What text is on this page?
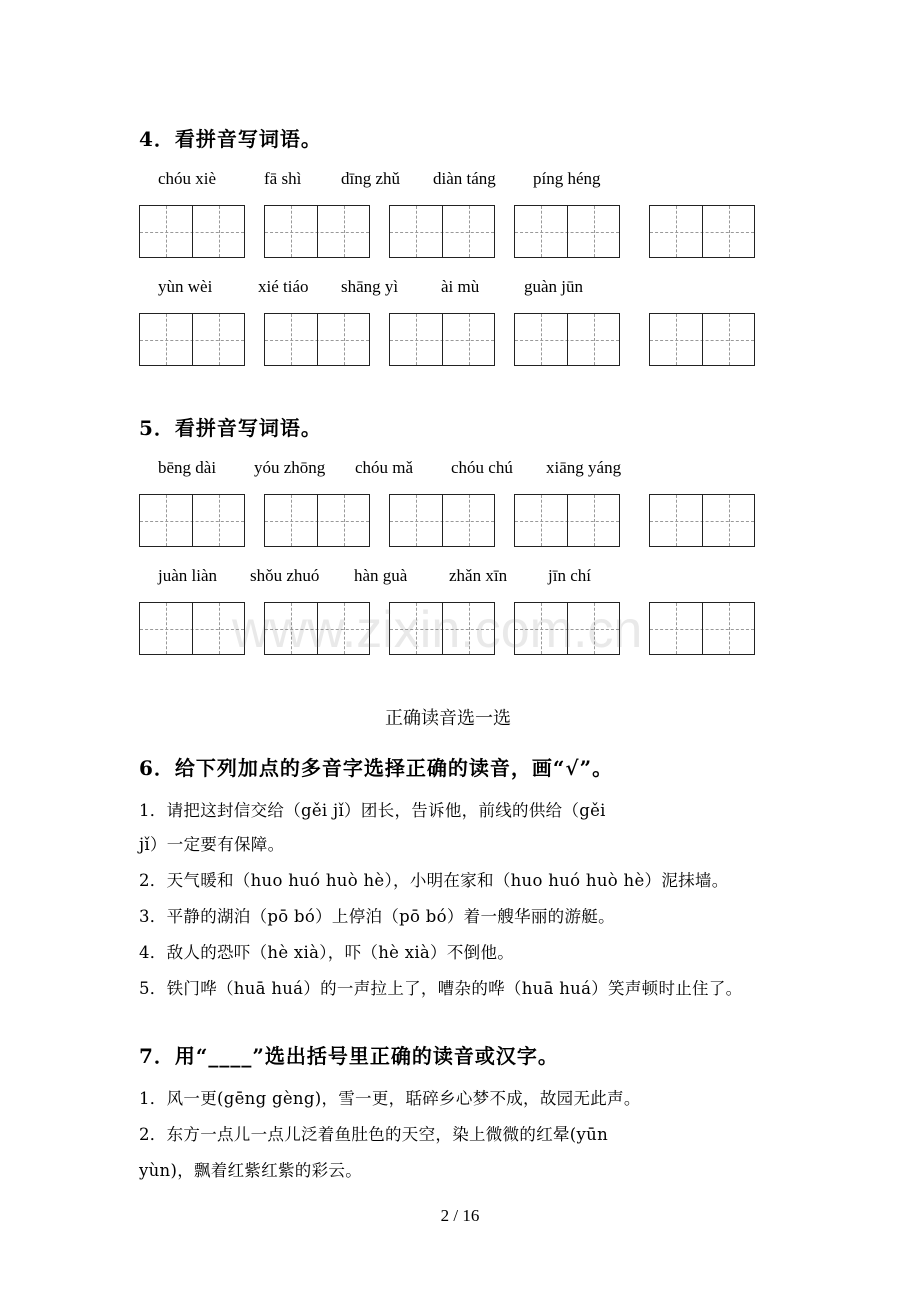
4．看拼音写词语。
chóu xiè	fā shì dīng zhǔ diàn táng píng héng
yùn wèi	xié tiáo shāng yì	ài mù	guàn jūn
5．看拼音写词语。
bēng dài yóu zhōng chóu mǎ chóu chú xiāng yáng
juàn liàn shǒu zhuó hàn guà zhǎn xīn jīn chí
www.zixin.com.cn
正确读音选一选
6．给下列加点的多音字选择正确的读音，画“√”。
1．请把这封信交给（gěi jǐ）团长，告诉他，前线的供给（gěi
jǐ）一定要有保障。
2．天气暖和（huo huó huò hè），小明在家和（huo huó huò hè）泥抹墙。
3．平静的湖泊（pō bó）上停泊（pō bó）着一艘华丽的游艇。
4．敌人的恐吓（hè xià），吓（hè xià）不倒他。
5．铁门哗（huā huá）的一声拉上了，嘈杂的哗（huā huá）笑声顿时止住了。
7．用“____”选出括号里正确的读音或汉字。
1．风一更(gēng gèng)，雪一更，聒碎乡心梦不成，故园无此声。
2．东方一点儿一点儿泛着鱼肚色的天空，染上微微的红晕(yūn
yùn)，飘着红紫红紫的彩云。
2 / 16
